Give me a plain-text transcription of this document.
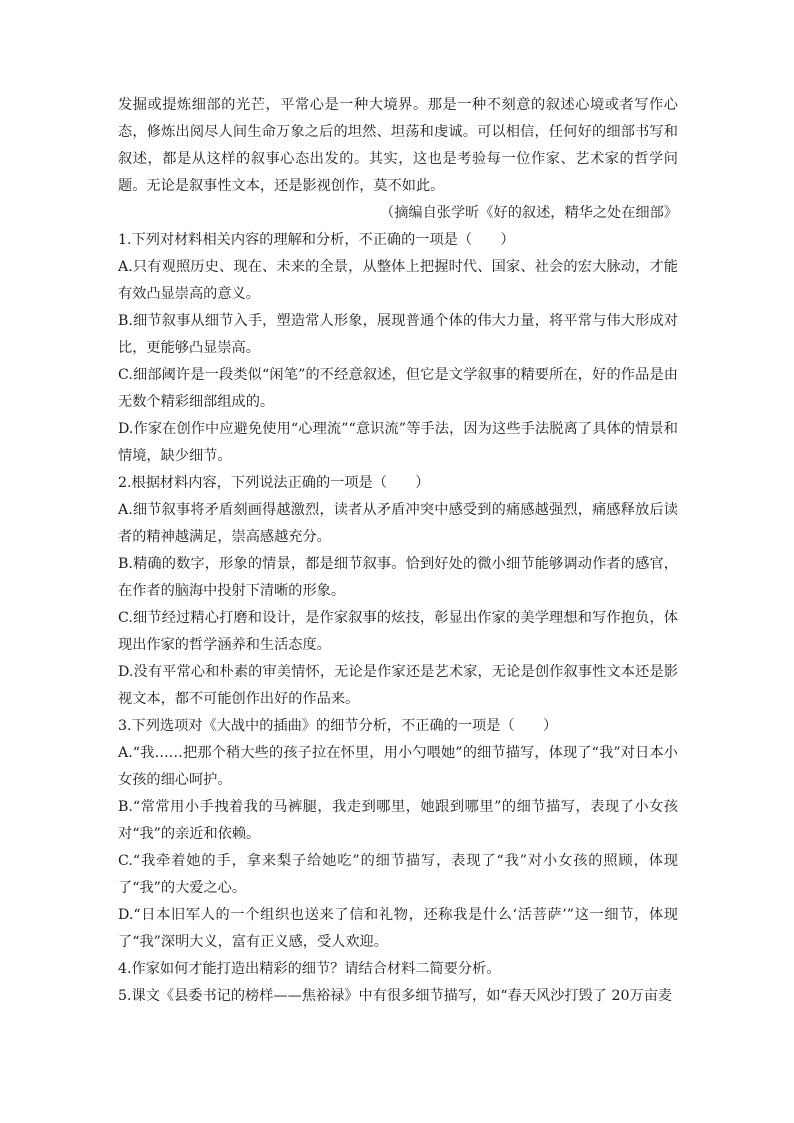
发掘或提炼细部的光芒，平常心是一种大境界。那是一种不刻意的叙述心境或者写作心态，修炼出阅尽人间生命万象之后的坦然、坦荡和虔诚。可以相信，任何好的细部书写和叙述，都是从这样的叙事心态出发的。其实，这也是考验每一位作家、艺术家的哲学问题。无论是叙事性文本，还是影视创作，莫不如此。

（摘编自张学昕《好的叙述，精华之处在细部》

1.下列对材料相关内容的理解和分析，不正确的一项是（　　）

A.只有观照历史、现在、未来的全景，从整体上把握时代、国家、社会的宏大脉动，才能有效凸显崇高的意义。

B.细节叙事从细节入手，塑造常人形象，展现普通个体的伟大力量，将平常与伟大形成对比，更能够凸显崇高。

C.细部阈许是一段类似“闲笔”的不经意叙述，但它是文学叙事的精要所在，好的作品是由无数个精彩细部组成的。

D.作家在创作中应避免使用“心理流”“意识流”等手法，因为这些手法脱离了具体的情景和情境，缺少细节。

2.根据材料内容，下列说法正确的一项是（　　）

A.细节叙事将矛盾刻画得越激烈，读者从矛盾冲突中感受到的痛感越强烈，痛感释放后读者的精神越满足，崇高感越充分。

B.精确的数字，形象的情景，都是细节叙事。恰到好处的微小细节能够调动作者的感官，在作者的脑海中投射下清晰的形象。

C.细节经过精心打磨和设计，是作家叙事的炫技，彰显出作家的美学理想和写作抱负，体现出作家的哲学涵养和生活态度。

D.没有平常心和朴素的审美情怀，无论是作家还是艺术家，无论是创作叙事性文本还是影视文本，都不可能创作出好的作品来。

3.下列选项对《大战中的插曲》的细节分析，不正确的一项是（　　）

A.“我……把那个稍大些的孩子拉在怀里，用小勺喂她”的细节描写，体现了“我”对日本小女孩的细心呵护。

B.“常常用小手拽着我的马裤腿，我走到哪里，她跟到哪里”的细节描写，表现了小女孩对“我”的亲近和依赖。

C.“我牵着她的手，拿来梨子给她吃”的细节描写，表现了“我”对小女孩的照顾，体现了“我”的大爱之心。

D.“日本旧军人的一个组织也送来了信和礼物，还称我是什么‘活菩萨’”这一细节，体现了“我”深明大义，富有正义感，受人欢迎。

4.作家如何才能打造出精彩的细节？请结合材料二简要分析。

5.课文《县委书记的榜样——焦裕禄》中有很多细节描写，如“春天风沙打毁了 20万亩麦
